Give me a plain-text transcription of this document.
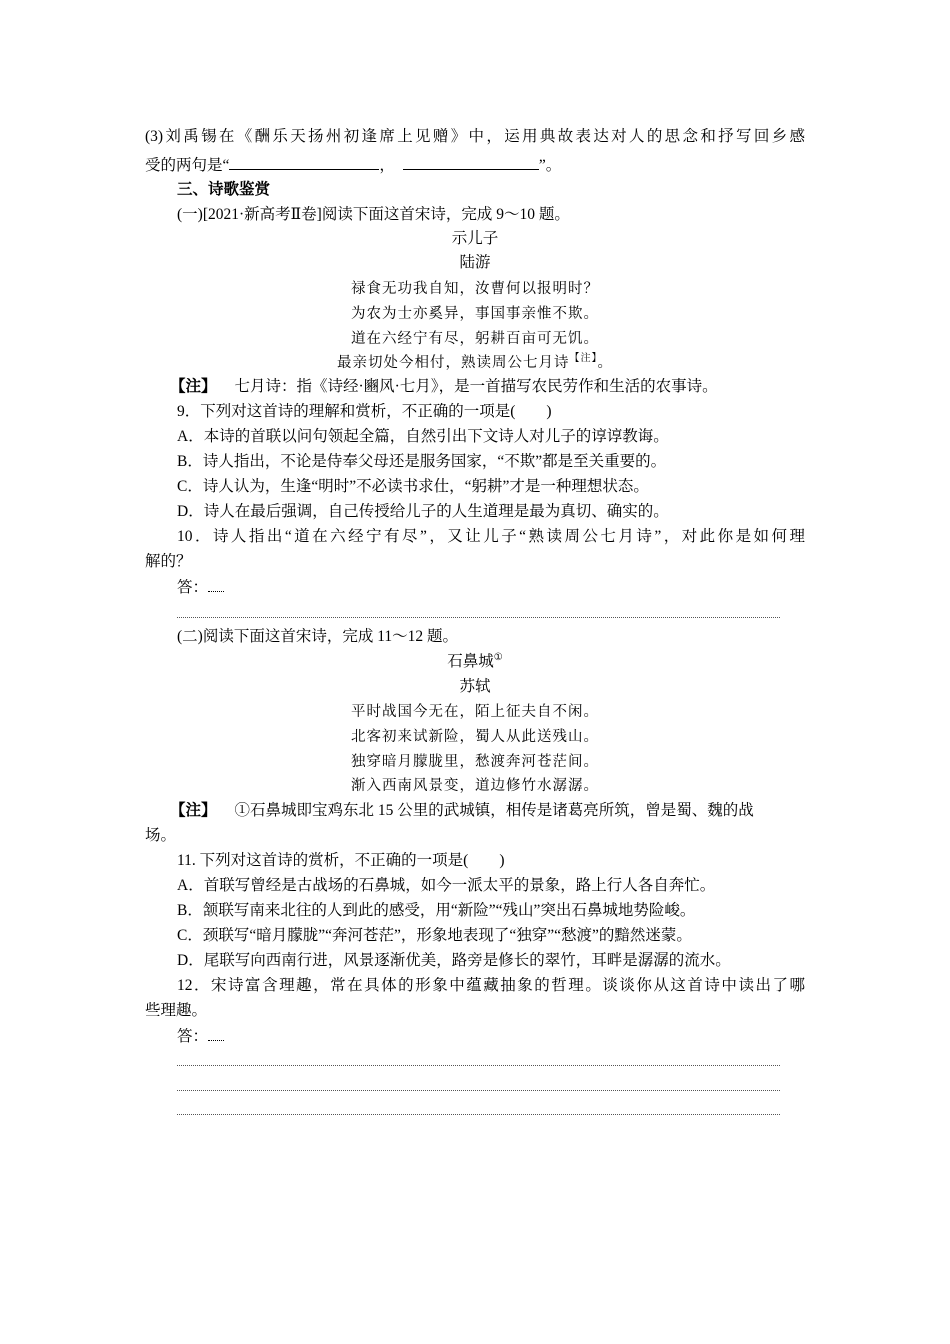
(3)刘禹锡在《酬乐天扬州初逢席上见赠》中，运用典故表达对人的思念和抒写回乡感
受的两句是“	，	”。
三、诗歌鉴赏
(一)[2021·新高考Ⅱ卷]阅读下面这首宋诗，完成 9～10 题。
示儿子
陆游
禄食无功我自知，汝曹何以报明时？
为农为士亦奚异，事国事亲惟不欺。
道在六经宁有尽，躬耕百亩可无饥。
最亲切处今相付，熟读周公七月诗$^{【注】}$。
【注】 七月诗：指《诗经·豳风·七月》，是一首描写农民劳作和生活的农事诗。
9．下列对这首诗的理解和赏析，不正确的一项是(　　)
A．本诗的首联以问句领起全篇，自然引出下文诗人对儿子的谆谆教诲。
B．诗人指出，不论是侍奉父母还是服务国家，“不欺”都是至关重要的。
C．诗人认为，生逢“明时”不必读书求仕，“躬耕”才是一种理想状态。
D．诗人在最后强调，自己传授给儿子的人生道理是最为真切、确实的。
10．诗人指出“道在六经宁有尽”，又让儿子“熟读周公七月诗”，对此你是如何理
解的？
答：
(二)阅读下面这首宋诗，完成 11～12 题。
石鼻城①
苏轼
平时战国今无在，陌上征夫自不闲。
北客初来试新险，蜀人从此送残山。
独穿暗月朦胧里，愁渡奔河苍茫间。
渐入西南风景变，道边修竹水潺潺。
【注】 ①石鼻城即宝鸡东北 15 公里的武城镇，相传是诸葛亮所筑，曾是蜀、魏的战
场。
11. 下列对这首诗的赏析，不正确的一项是(　　)
A．首联写曾经是古战场的石鼻城，如今一派太平的景象，路上行人各自奔忙。
B．颔联写南来北往的人到此的感受，用“新险”“残山”突出石鼻城地势险峻。
C．颈联写“暗月朦胧”“奔河苍茫”，形象地表现了“独穿”“愁渡”的黯然迷蒙。
D．尾联写向西南行进，风景逐渐优美，路旁是修长的翠竹，耳畔是潺潺的流水。
12．宋诗富含理趣，常在具体的形象中蕴藏抽象的哲理。谈谈你从这首诗中读出了哪
些理趣。
答：
